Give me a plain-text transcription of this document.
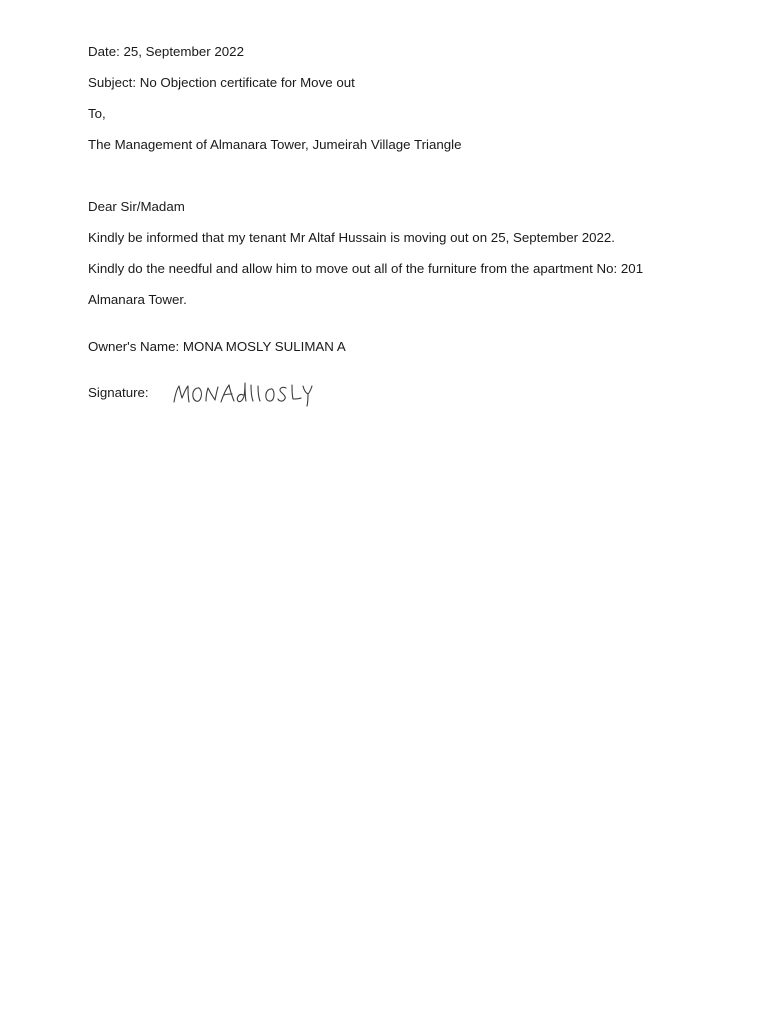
Date: 25, September 2022
Subject: No Objection certificate for Move out
To,
The Management of Almanara Tower, Jumeirah Village Triangle
Dear Sir/Madam
Kindly be informed that my tenant Mr Altaf Hussain is moving out on 25, September 2022.
Kindly do the needful and allow him to move out all of the furniture from the apartment No: 201
Almanara Tower.
Owner's Name: MONA MOSLY SULIMAN A
Signature:
